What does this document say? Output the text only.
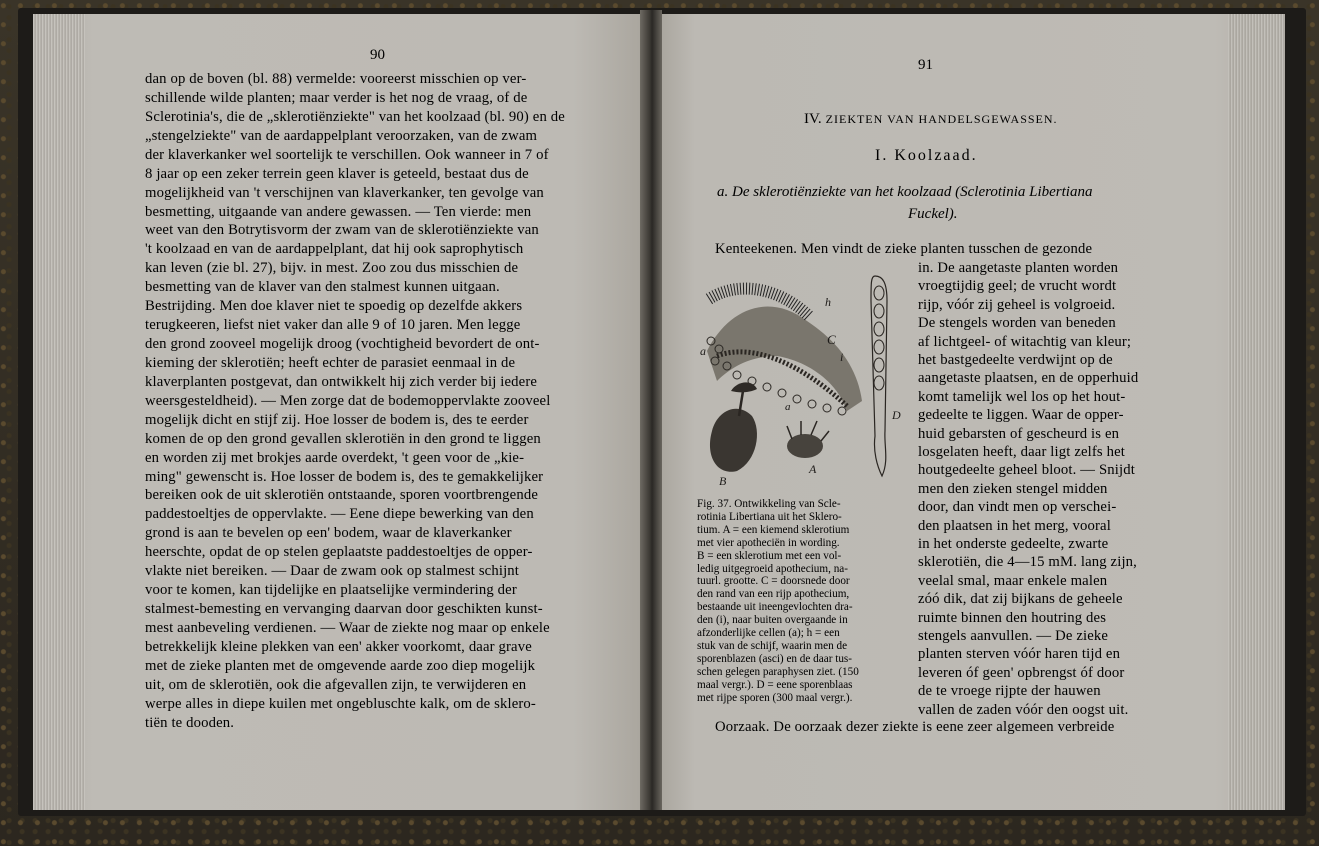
90
dan op de boven (bl. 88) vermelde: vooreerst misschien op ver-
schillende wilde planten; maar verder is het nog de vraag, of de
Sclerotinia's, die de „sklerotiënziekte" van het koolzaad (bl. 90) en de
„stengelziekte" van de aardappelplant veroorzaken, van de zwam
der klaverkanker wel soortelijk te verschillen. Ook wanneer in 7 of
8 jaar op een zeker terrein geen klaver is geteeld, bestaat dus de
mogelijkheid van 't verschijnen van klaverkanker, ten gevolge van
besmetting, uitgaande van andere gewassen. — Ten vierde: men
weet van den Botrytisvorm der zwam van de sklerotiënziekte van
't koolzaad en van de aardappelplant, dat hij ook saprophytisch
kan leven (zie bl. 27), bijv. in mest. Zoo zou dus misschien de
besmetting van de klaver van den stalmest kunnen uitgaan.
Bestrijding. Men doe klaver niet te spoedig op dezelfde akkers
terugkeeren, liefst niet vaker dan alle 9 of 10 jaren. Men legge
den grond zooveel mogelijk droog (vochtigheid bevordert de ont-
kieming der sklerotiën; heeft echter de parasiet eenmaal in de
klaverplanten postgevat, dan ontwikkelt hij zich verder bij iedere
weersgesteldheid). — Men zorge dat de bodemoppervlakte zooveel
mogelijk dicht en stijf zij. Hoe losser de bodem is, des te eerder
komen de op den grond gevallen sklerotiën in den grond te liggen
en worden zij met brokjes aarde overdekt, 't geen voor de „kie-
ming" gewenscht is. Hoe losser de bodem is, des te gemakkelijker
bereiken ook de uit sklerotiën ontstaande, sporen voortbrengende
paddestoeltjes de oppervlakte. — Eene diepe bewerking van den
grond is aan te bevelen op een' bodem, waar de klaverkanker
heerschte, opdat de op stelen geplaatste paddestoeltjes de opper-
vlakte niet bereiken. — Daar de zwam ook op stalmest schijnt
voor te komen, kan tijdelijke en plaatselijke vermindering der
stalmest-bemesting en vervanging daarvan door geschikten kunst-
mest aanbeveling verdienen. — Waar de ziekte nog maar op enkele
betrekkelijk kleine plekken van een' akker voorkomt, daar grave
met de zieke planten met de omgevende aarde zoo diep mogelijk
uit, om de sklerotiën, ook die afgevallen zijn, te verwijderen en
werpe alles in diepe kuilen met ongebluschte kalk, om de sklero-
tiën te dooden.
91
IV. ZIEKTEN VAN HANDELSGEWASSEN.
I. Koolzaad.
a. De sklerotiënziekte van het koolzaad (Sclerotinia Libertiana
Fuckel).
Kenteekenen. Men vindt de zieke planten tusschen de gezonde
in. De aangetaste planten worden
vroegtijdig geel; de vrucht wordt
rijp, vóór zij geheel is volgroeid.
De stengels worden van beneden
af lichtgeel- of witachtig van kleur;
het bastgedeelte verdwijnt op de
aangetaste plaatsen, en de opperhuid
komt tamelijk wel los op het hout-
gedeelte te liggen. Waar de opper-
huid gebarsten of gescheurd is en
losgelaten heeft, daar ligt zelfs het
houtgedeelte geheel bloot. — Snijdt
men den zieken stengel midden
door, dan vindt men op verschei-
den plaatsen in het merg, vooral
in het onderste gedeelte, zwarte
sklerotiën, die 4—15 mM. lang zijn,
veelal smal, maar enkele malen
zóó dik, dat zij bijkans de geheele
ruimte binnen den houtring des
stengels aanvullen. — De zieke
planten sterven vóór haren tijd en
leveren óf geen' opbrengst óf door
de te vroege rijpte der hauwen
vallen de zaden vóór den oogst uit.
Oorzaak. De oorzaak dezer ziekte is eene zeer algemeen verbreide
h
C
i
a
a
D
A
B
Fig. 37. Ontwikkeling van Scle-
rotinia Libertiana uit het Sklero-
tium. A = een kiemend sklerotium
met vier apotheciën in wording.
B = een sklerotium met een vol-
ledig uitgegroeid apothecium, na-
tuurl. grootte. C = doorsnede door
den rand van een rijp apothecium,
bestaande uit ineengevlochten dra-
den (i), naar buiten overgaande in
afzonderlijke cellen (a); h = een
stuk van de schijf, waarin men de
sporenblazen (asci) en de daar tus-
schen gelegen paraphysen ziet. (150
maal vergr.). D = eene sporenblaas
met rijpe sporen (300 maal vergr.).
